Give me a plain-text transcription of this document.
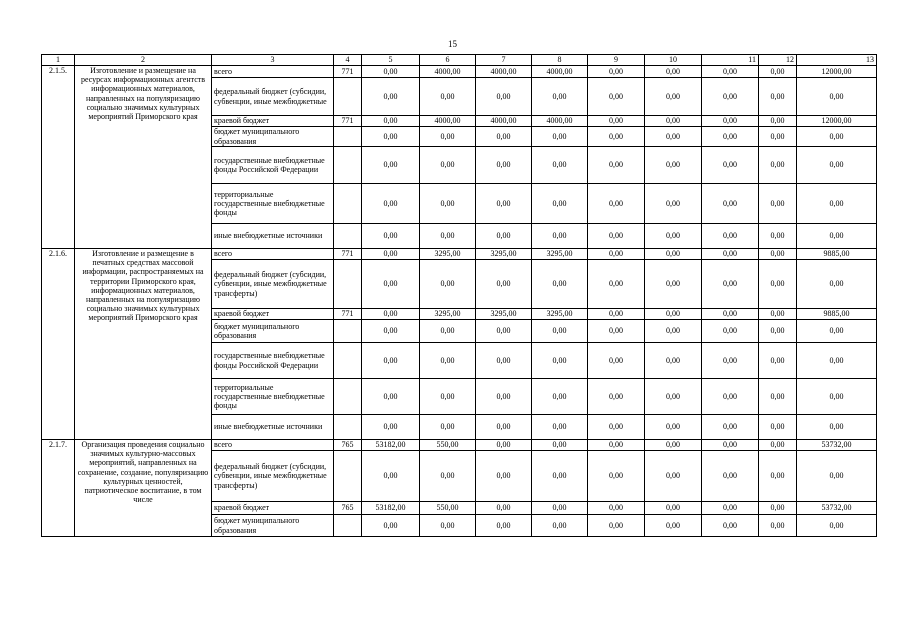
15
1	2	3	4	5	6	7	8	9	10	11	12	13
2.1.5.	Изготовление и размещение на ресурсах информационных агентств информационных материалов, направленных на популяризацию социально значимых культурных мероприятий Приморского края	всего	771	0,00	4000,00	4000,00	4000,00	0,00	0,00	0,00	0,00	12000,00
		федеральный бюджет (субсидии, субвенции, иные межбюджетные		0,00	0,00	0,00	0,00	0,00	0,00	0,00	0,00	0,00
		краевой бюджет	771	0,00	4000,00	4000,00	4000,00	0,00	0,00	0,00	0,00	12000,00
		бюджет муниципального образования		0,00	0,00	0,00	0,00	0,00	0,00	0,00	0,00	0,00
		государственные внебюджетные фонды Российской Федерации		0,00	0,00	0,00	0,00	0,00	0,00	0,00	0,00	0,00
		территориальные государственные внебюджетные фонды		0,00	0,00	0,00	0,00	0,00	0,00	0,00	0,00	0,00
		иные внебюджетные источники		0,00	0,00	0,00	0,00	0,00	0,00	0,00	0,00	0,00
2.1.6.	Изготовление и размещение в печатных средствах массовой информации, распространяемых на территории Приморского края, информационных материалов, направленных на популяризацию социально значимых культурных мероприятий Приморского края	всего	771	0,00	3295,00	3295,00	3295,00	0,00	0,00	0,00	0,00	9885,00
		федеральный бюджет (субсидии, субвенции, иные межбюджетные трансферты)		0,00	0,00	0,00	0,00	0,00	0,00	0,00	0,00	0,00
		краевой бюджет	771	0,00	3295,00	3295,00	3295,00	0,00	0,00	0,00	0,00	9885,00
		бюджет муниципального образования		0,00	0,00	0,00	0,00	0,00	0,00	0,00	0,00	0,00
		государственные внебюджетные фонды Российской Федерации		0,00	0,00	0,00	0,00	0,00	0,00	0,00	0,00	0,00
		территориальные государственные внебюджетные фонды		0,00	0,00	0,00	0,00	0,00	0,00	0,00	0,00	0,00
		иные внебюджетные источники		0,00	0,00	0,00	0,00	0,00	0,00	0,00	0,00	0,00
2.1.7.	Организация проведения социально значимых культурно-массовых мероприятий, направленных на сохранение, создание, популяризацию культурных ценностей, патриотическое воспитание, в том числе	всего	765	53182,00	550,00	0,00	0,00	0,00	0,00	0,00	0,00	53732,00
		федеральный бюджет (субсидии, субвенции, иные межбюджетные трансферты)		0,00	0,00	0,00	0,00	0,00	0,00	0,00	0,00	0,00
		краевой бюджет	765	53182,00	550,00	0,00	0,00	0,00	0,00	0,00	0,00	53732,00
		бюджет муниципального образования		0,00	0,00	0,00	0,00	0,00	0,00	0,00	0,00	0,00
